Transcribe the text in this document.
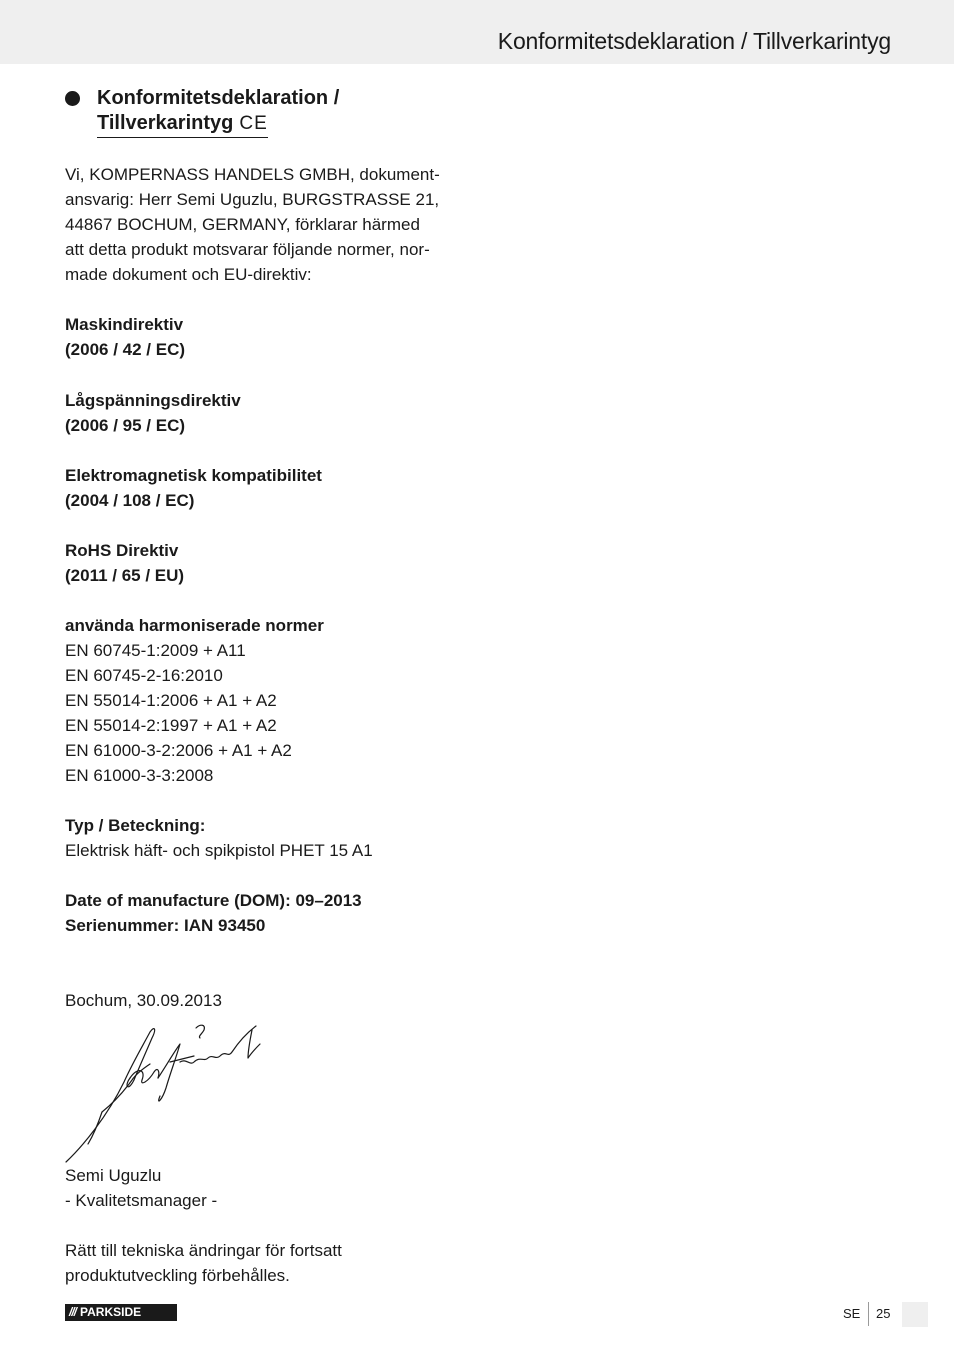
Konformitetsdeklaration / Tillverkarintyg
Konformitetsdeklaration /
Tillverkarintyg CE
Vi, KOMPERNASS HANDELS GMBH, dokument-
ansvarig: Herr Semi Uguzlu, BURGSTRASSE 21,
44867 BOCHUM, GERMANY, förklarar härmed
att detta produkt motsvarar följande normer, nor-
made dokument och EU-direktiv:
Maskindirektiv
(2006 / 42 / EC)
Lågspänningsdirektiv
(2006 / 95 / EC)
Elektromagnetisk kompatibilitet
(2004 / 108 / EC)
RoHS Direktiv
(2011 / 65 / EU)
använda harmoniserade normer
EN 60745-1:2009 + A11
EN 60745-2-16:2010
EN 55014-1:2006 + A1 + A2
EN 55014-2:1997 + A1 + A2
EN 61000-3-2:2006 + A1 + A2
EN 61000-3-3:2008
Typ / Beteckning:
Elektrisk häft- och spikpistol PHET 15 A1
Date of manufacture (DOM): 09–2013
Serienummer: IAN 93450
Bochum, 30.09.2013
Semi Uguzlu
- Kvalitetsmanager -
Rätt till tekniska ändringar för fortsatt
produktutveckling förbehålles.
/// PARKSIDE	SE 25
